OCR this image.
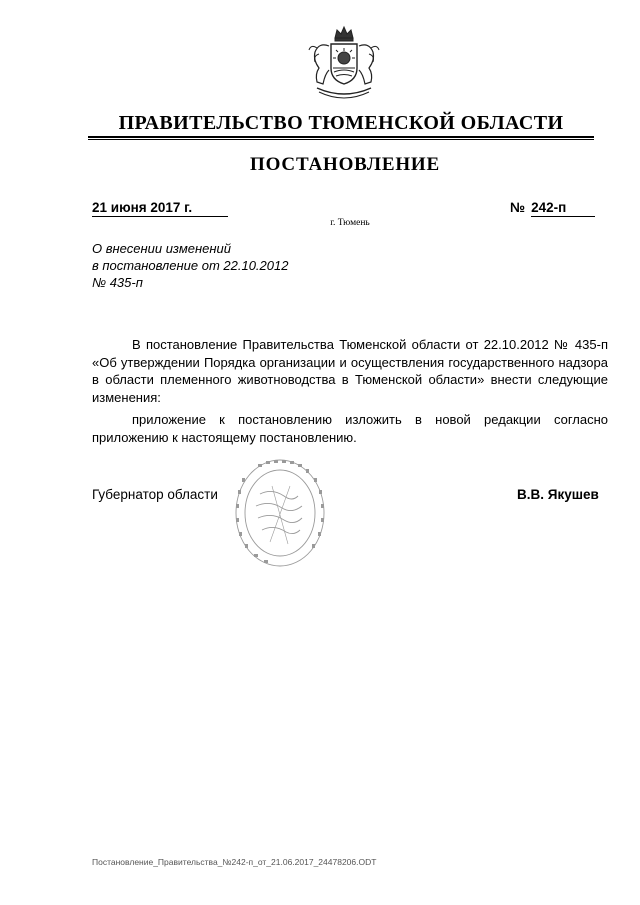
ПРАВИТЕЛЬСТВО ТЮМЕНСКОЙ ОБЛАСТИ
ПОСТАНОВЛЕНИЕ
21 июня 2017 г.	№ 242-п
г. Тюмень
О внесении изменений
в постановление от 22.10.2012
№ 435-п

В постановление Правительства Тюменской области от 22.10.2012 № 435-п «Об утверждении Порядка организации и осуществления государственного надзора в области племенного животноводства в Тюменской области» внести следующие изменения:

приложение к постановлению изложить в новой редакции согласно приложению к настоящему постановлению.

Губернатор области	В.В. Якушев
Постановление_Правительства_№242-п_от_21.06.2017_24478206.ODT
